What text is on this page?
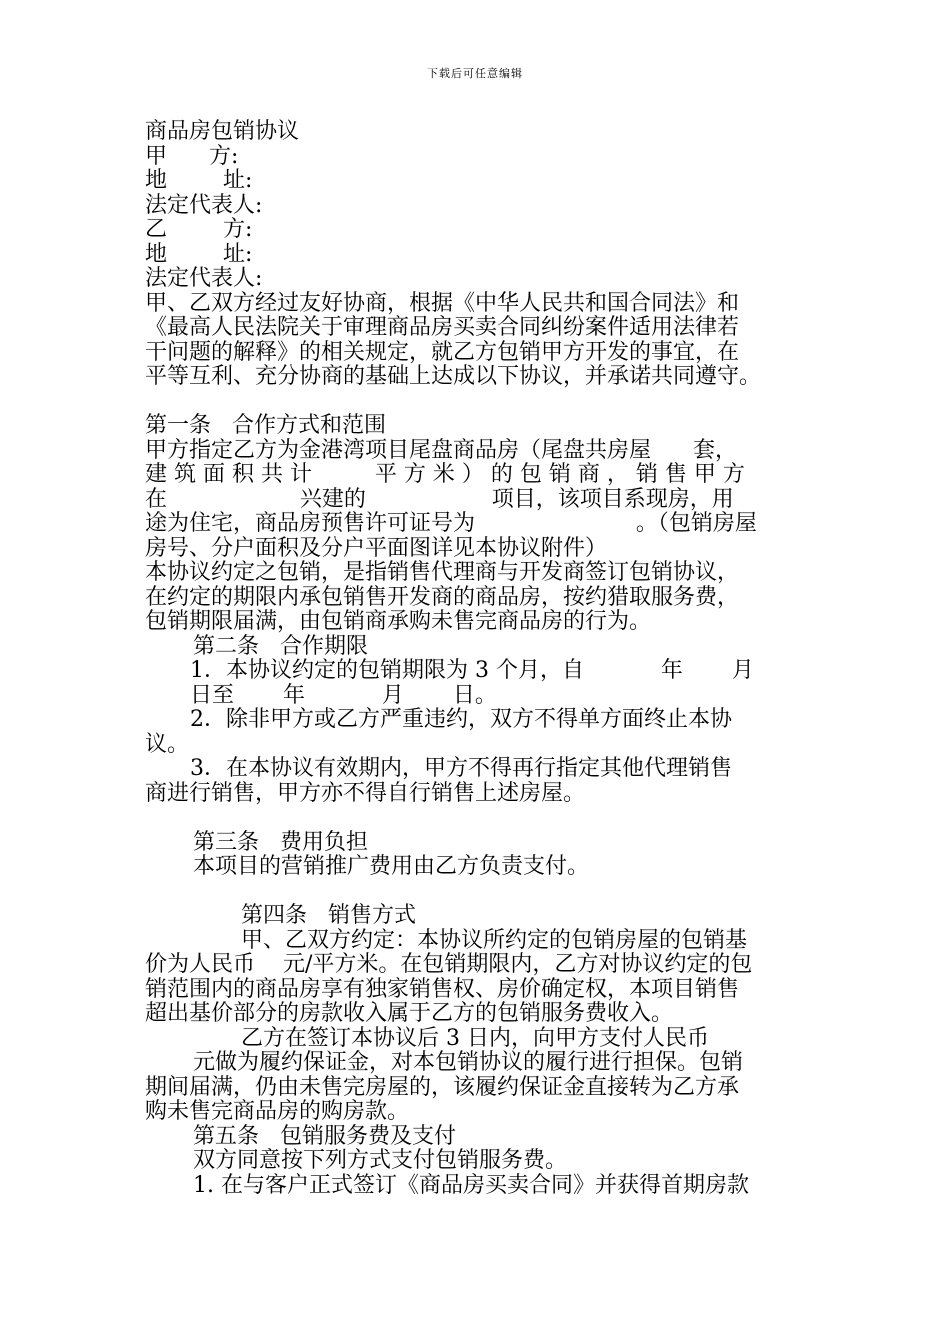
下载后可任意编辑
商品房包销协议
甲      方:
地        址:
法定代表人:
乙        方:
地        址:
法定代表人:
甲、乙双方经过友好协商，根据《中华人民共和国合同法》和
《最高人民法院关于审理商品房买卖合同纠纷案件适用法律若
干问题的解释》的相关规定，就乙方包销甲方开发的事宜，在
平等互利、充分协商的基础上达成以下协议，并承诺共同遵守。
第一条   合作方式和范围
甲方指定乙方为金港湾项目尾盘商品房（尾盘共房屋      套，
建 筑 面 积 共 计         平 方 米 ） 的 包 销 商 ， 销 售 甲 方
在                   兴建的                  项目，该项目系现房，用
途为住宅，商品房预售许可证号为                       。（包销房屋
房号、分户面积及分户平面图详见本协议附件）
本协议约定之包销，是指销售代理商与开发商签订包销协议，
在约定的期限内承包销售开发商的商品房，按约猎取服务费，
包销期限届满，由包销商承购未售完商品房的行为。
第二条   合作期限
1．本协议约定的包销期限为 3 个月，自           年       月
日至       年           月       日。
2．除非甲方或乙方严重违约，双方不得单方面终止本协
议。
3．在本协议有效期内，甲方不得再行指定其他代理销售
商进行销售，甲方亦不得自行销售上述房屋。
第三条   费用负担
本项目的营销推广费用由乙方负责支付。
第四条   销售方式
甲、乙双方约定：本协议所约定的包销房屋的包销基
价为人民币    元/平方米。在包销期限内，乙方对协议约定的包
销范围内的商品房享有独家销售权、房价确定权，本项目销售
超出基价部分的房款收入属于乙方的包销服务费收入。
乙方在签订本协议后 3 日内，向甲方支付人民币
元做为履约保证金，对本包销协议的履行进行担保。包销
期间届满，仍由未售完房屋的，该履约保证金直接转为乙方承
购未售完商品房的购房款。
第五条   包销服务费及支付
双方同意按下列方式支付包销服务费。
1. 在与客户正式签订《商品房买卖合同》并获得首期房款
